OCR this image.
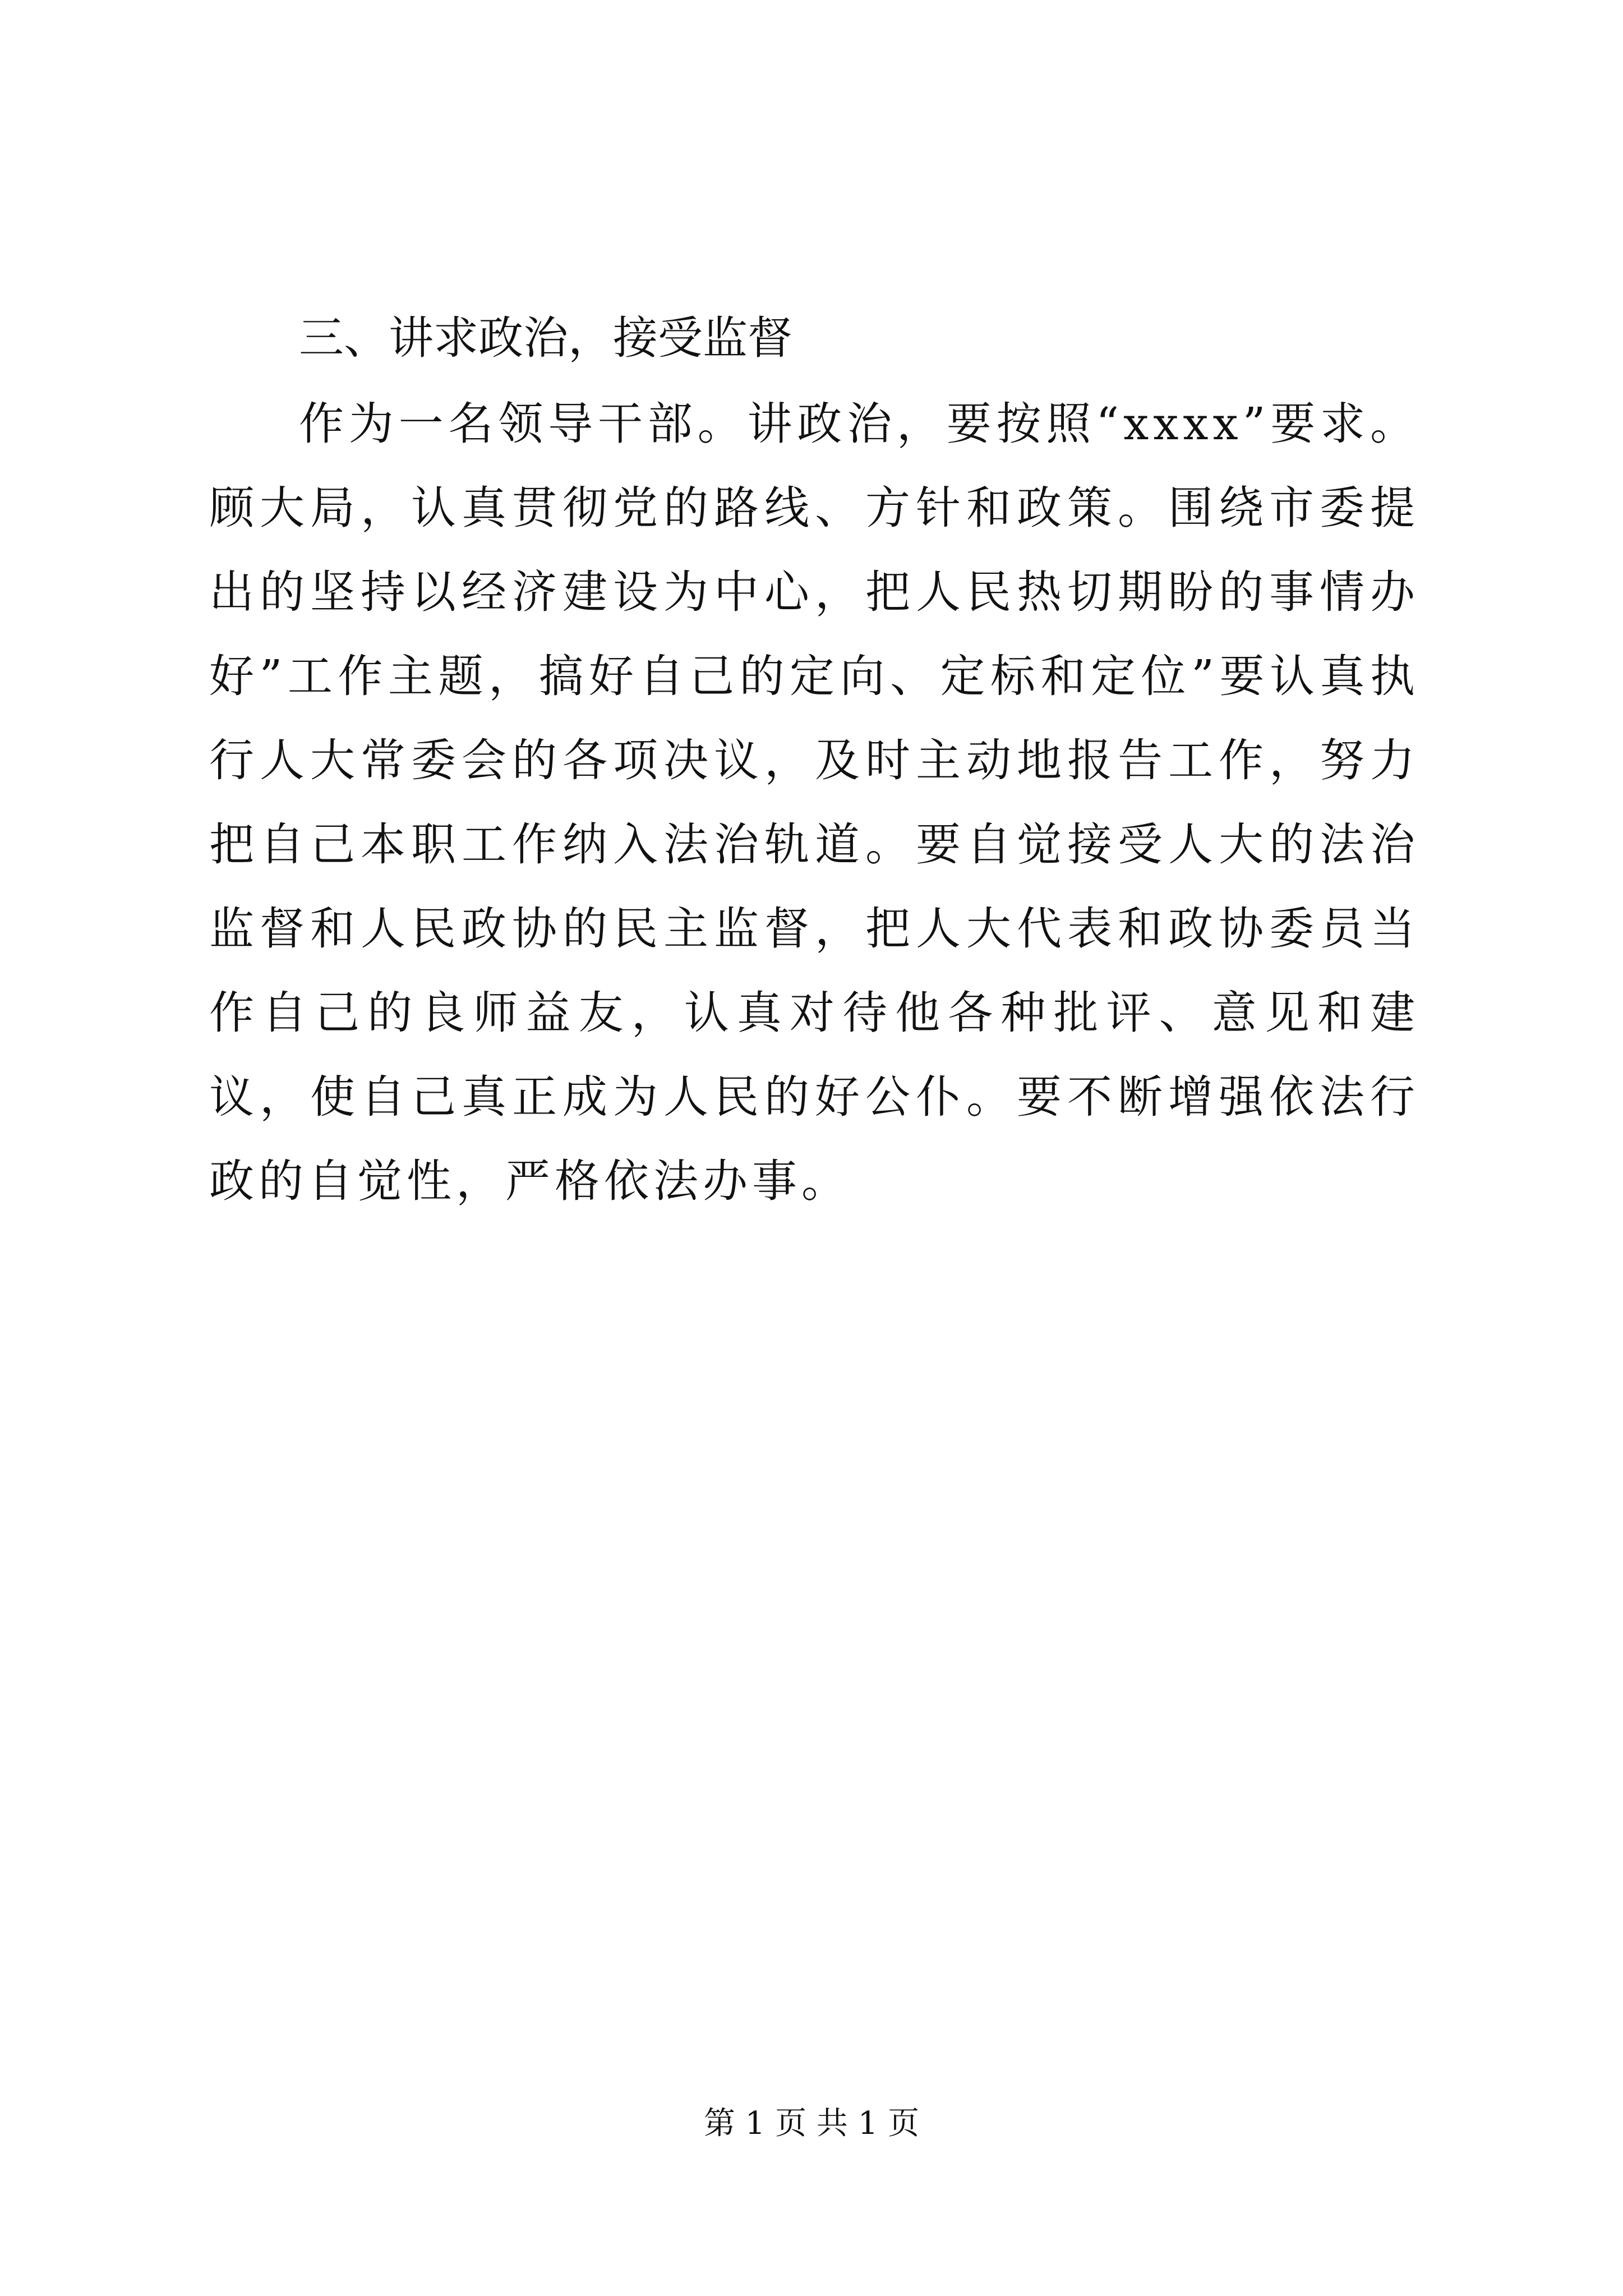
三、讲求政治，接受监督

作为一名领导干部。讲政治，要按照“xxxx”要求。顾大局，认真贯彻党的路线、方针和政策。围绕市委提出的坚持以经济建设为中心，把人民热切期盼的事情办好”工作主题，搞好自己的定向、定标和定位”要认真执行人大常委会的各项决议，及时主动地报告工作，努力把自己本职工作纳入法治轨道。要自觉接受人大的法治监督和人民政协的民主监督，把人大代表和政协委员当作自己的良师益友，认真对待他各种批评、意见和建议，使自己真正成为人民的好公仆。要不断增强依法行政的自觉性，严格依法办事。

第 1 页 共 1 页
